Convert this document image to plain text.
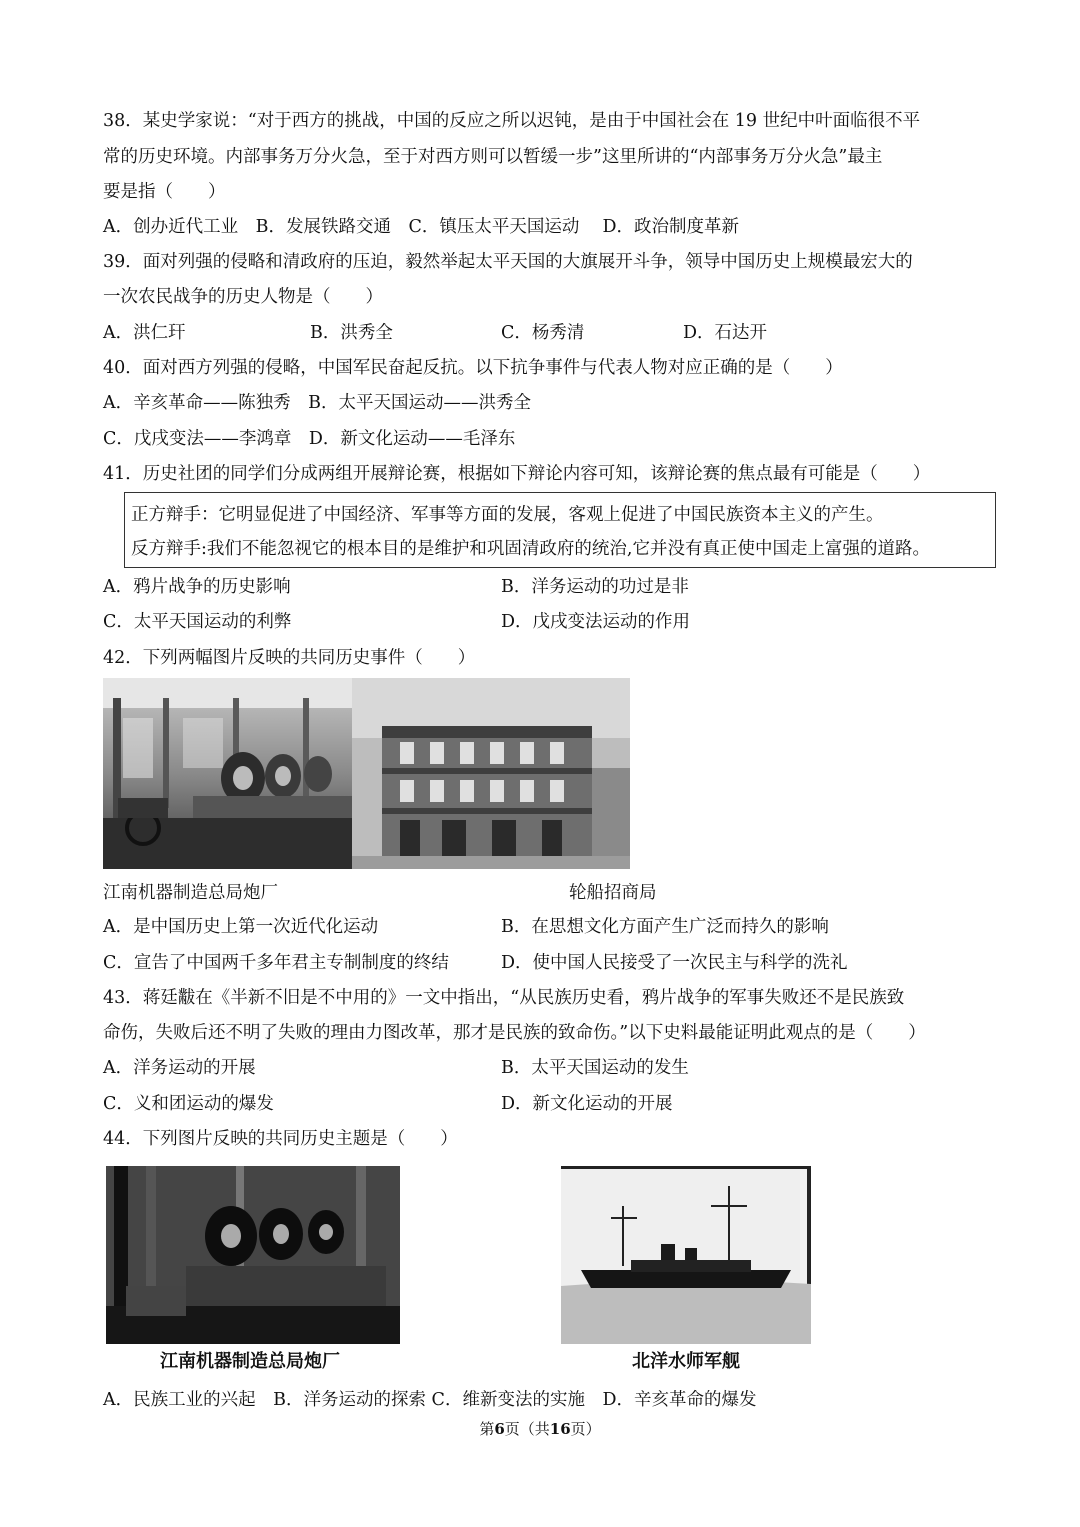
38．某史学家说：“对于西方的挑战，中国的反应之所以迟钝，是由于中国社会在 19 世纪中叶面临很不平
常的历史环境。内部事务万分火急，至于对西方则可以暂缓一步”这里所讲的“内部事务万分火急”最主
要是指（　　）
A．创办近代工业　B．发展铁路交通　C．镇压太平天国运动　 D．政治制度革新
39．面对列强的侵略和清政府的压迫，毅然举起太平天国的大旗展开斗争，领导中国历史上规模最宏大的
一次农民战争的历史人物是（　　）
A．洪仁玕	B．洪秀全	C．杨秀清	D．石达开
40．面对西方列强的侵略，中国军民奋起反抗。以下抗争事件与代表人物对应正确的是（　　）
A．辛亥革命——陈独秀　B．太平天国运动——洪秀全
C．戊戌变法——李鸿章　D．新文化运动——毛泽东
41．历史社团的同学们分成两组开展辩论赛，根据如下辩论内容可知，该辩论赛的焦点最有可能是（　　）
正方辩手：它明显促进了中国经济、军事等方面的发展，客观上促进了中国民族资本主义的产生。
反方辩手:我们不能忽视它的根本目的是维护和巩固清政府的统治,它并没有真正使中国走上富强的道路。
A．鸦片战争的历史影响	B．洋务运动的功过是非
C．太平天国运动的利弊	D．戊戌变法运动的作用
42．下列两幅图片反映的共同历史事件（　　）
江南机器制造总局炮厂	轮船招商局
A．是中国历史上第一次近代化运动	B．在思想文化方面产生广泛而持久的影响
C．宣告了中国两千多年君主专制制度的终结	D．使中国人民接受了一次民主与科学的洗礼
43．蒋廷黻在《半新不旧是不中用的》一文中指出，“从民族历史看，鸦片战争的军事失败还不是民族致
命伤，失败后还不明了失败的理由力图改革，那才是民族的致命伤。”以下史料最能证明此观点的是（　　）
A．洋务运动的开展	B．太平天国运动的发生
C．义和团运动的爆发	D．新文化运动的开展
44．下列图片反映的共同历史主题是（　　）
江南机器制造总局炮厂	北洋水师军舰
A．民族工业的兴起　B．洋务运动的探索 C．维新变法的实施　D．辛亥革命的爆发
第6页（共16页）
